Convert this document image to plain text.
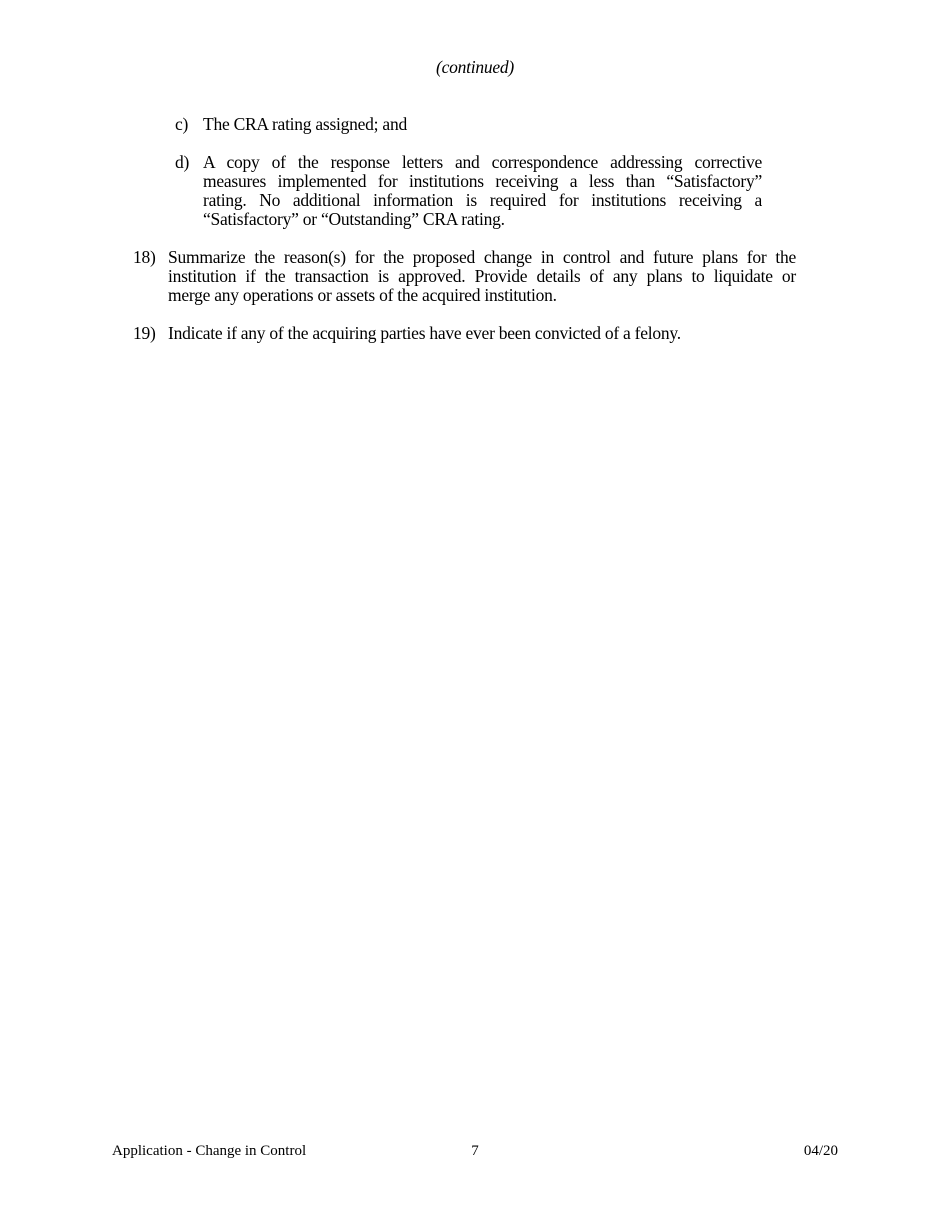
(continued)
c) The CRA rating assigned; and
d) A copy of the response letters and correspondence addressing corrective
measures implemented for institutions receiving a less than “Satisfactory”
rating. No additional information is required for institutions receiving a
“Satisfactory” or “Outstanding” CRA rating.
18) Summarize the reason(s) for the proposed change in control and future plans for the
institution if the transaction is approved. Provide details of any plans to liquidate or
merge any operations or assets of the acquired institution.
19) Indicate if any of the acquiring parties have ever been convicted of a felony.
Application - Change in Control	7	04/20
